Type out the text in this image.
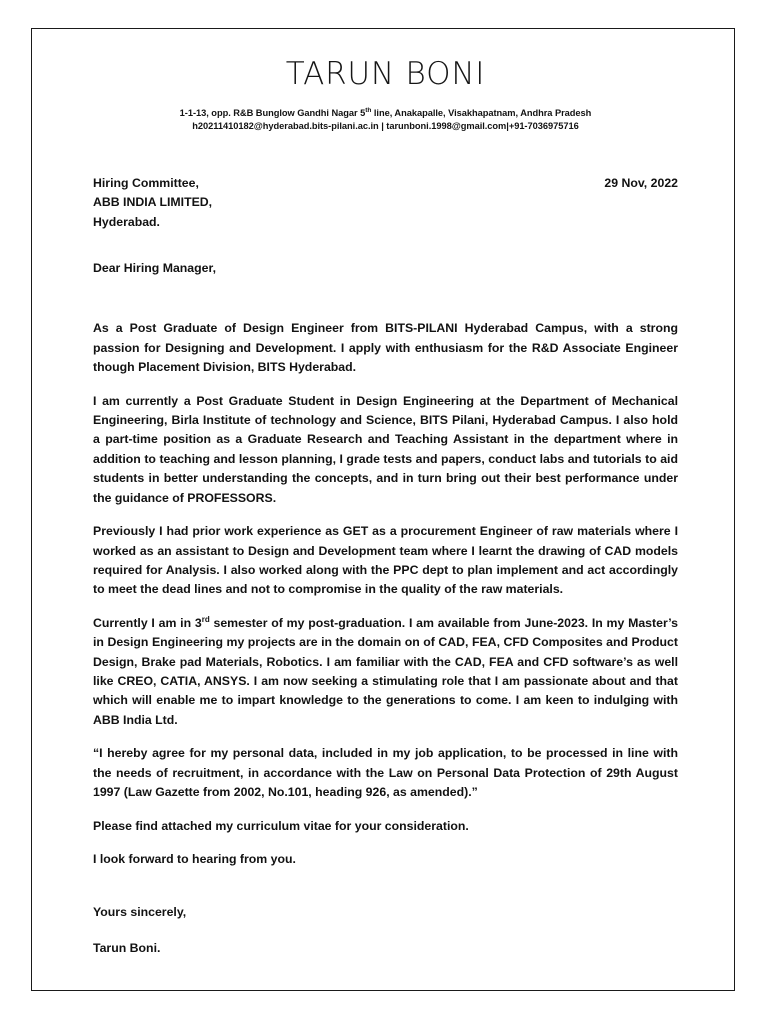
TARUN BONI
1-1-13, opp. R&B Bunglow Gandhi Nagar 5th line, Anakapalle, Visakhapatnam, Andhra Pradesh
h20211410182@hyderabad.bits-pilani.ac.in | tarunboni.1998@gmail.com|+91-7036975716
Hiring Committee,
ABB INDIA LIMITED,
Hyderabad.
29 Nov, 2022
Dear Hiring Manager,

As a Post Graduate of Design Engineer from BITS-PILANI Hyderabad Campus, with a strong passion for Designing and Development. I apply with enthusiasm for the R&D Associate Engineer though Placement Division, BITS Hyderabad.

I am currently a Post Graduate Student in Design Engineering at the Department of Mechanical Engineering, Birla Institute of technology and Science, BITS Pilani, Hyderabad Campus. I also hold a part-time position as a Graduate Research and Teaching Assistant in the department where in addition to teaching and lesson planning, I grade tests and papers, conduct labs and tutorials to aid students in better understanding the concepts, and in turn bring out their best performance under the guidance of PROFESSORS.

Previously I had prior work experience as GET as a procurement Engineer of raw materials where I worked as an assistant to Design and Development team where I learnt the drawing of CAD models required for Analysis. I also worked along with the PPC dept to plan implement and act accordingly to meet the dead lines and not to compromise in the quality of the raw materials.

Currently I am in 3rd semester of my post-graduation. I am available from June-2023. In my Master’s in Design Engineering my projects are in the domain on of CAD, FEA, CFD Composites and Product Design, Brake pad Materials, Robotics. I am familiar with the CAD, FEA and CFD software’s as well like CREO, CATIA, ANSYS. I am now seeking a stimulating role that I am passionate about and that which will enable me to impart knowledge to the generations to come. I am keen to indulging with ABB India Ltd.

“I hereby agree for my personal data, included in my job application, to be processed in line with the needs of recruitment, in accordance with the Law on Personal Data Protection of 29th August 1997 (Law Gazette from 2002, No.101, heading 926, as amended).”

Please find attached my curriculum vitae for your consideration.

I look forward to hearing from you.

Yours sincerely,
Tarun Boni.
